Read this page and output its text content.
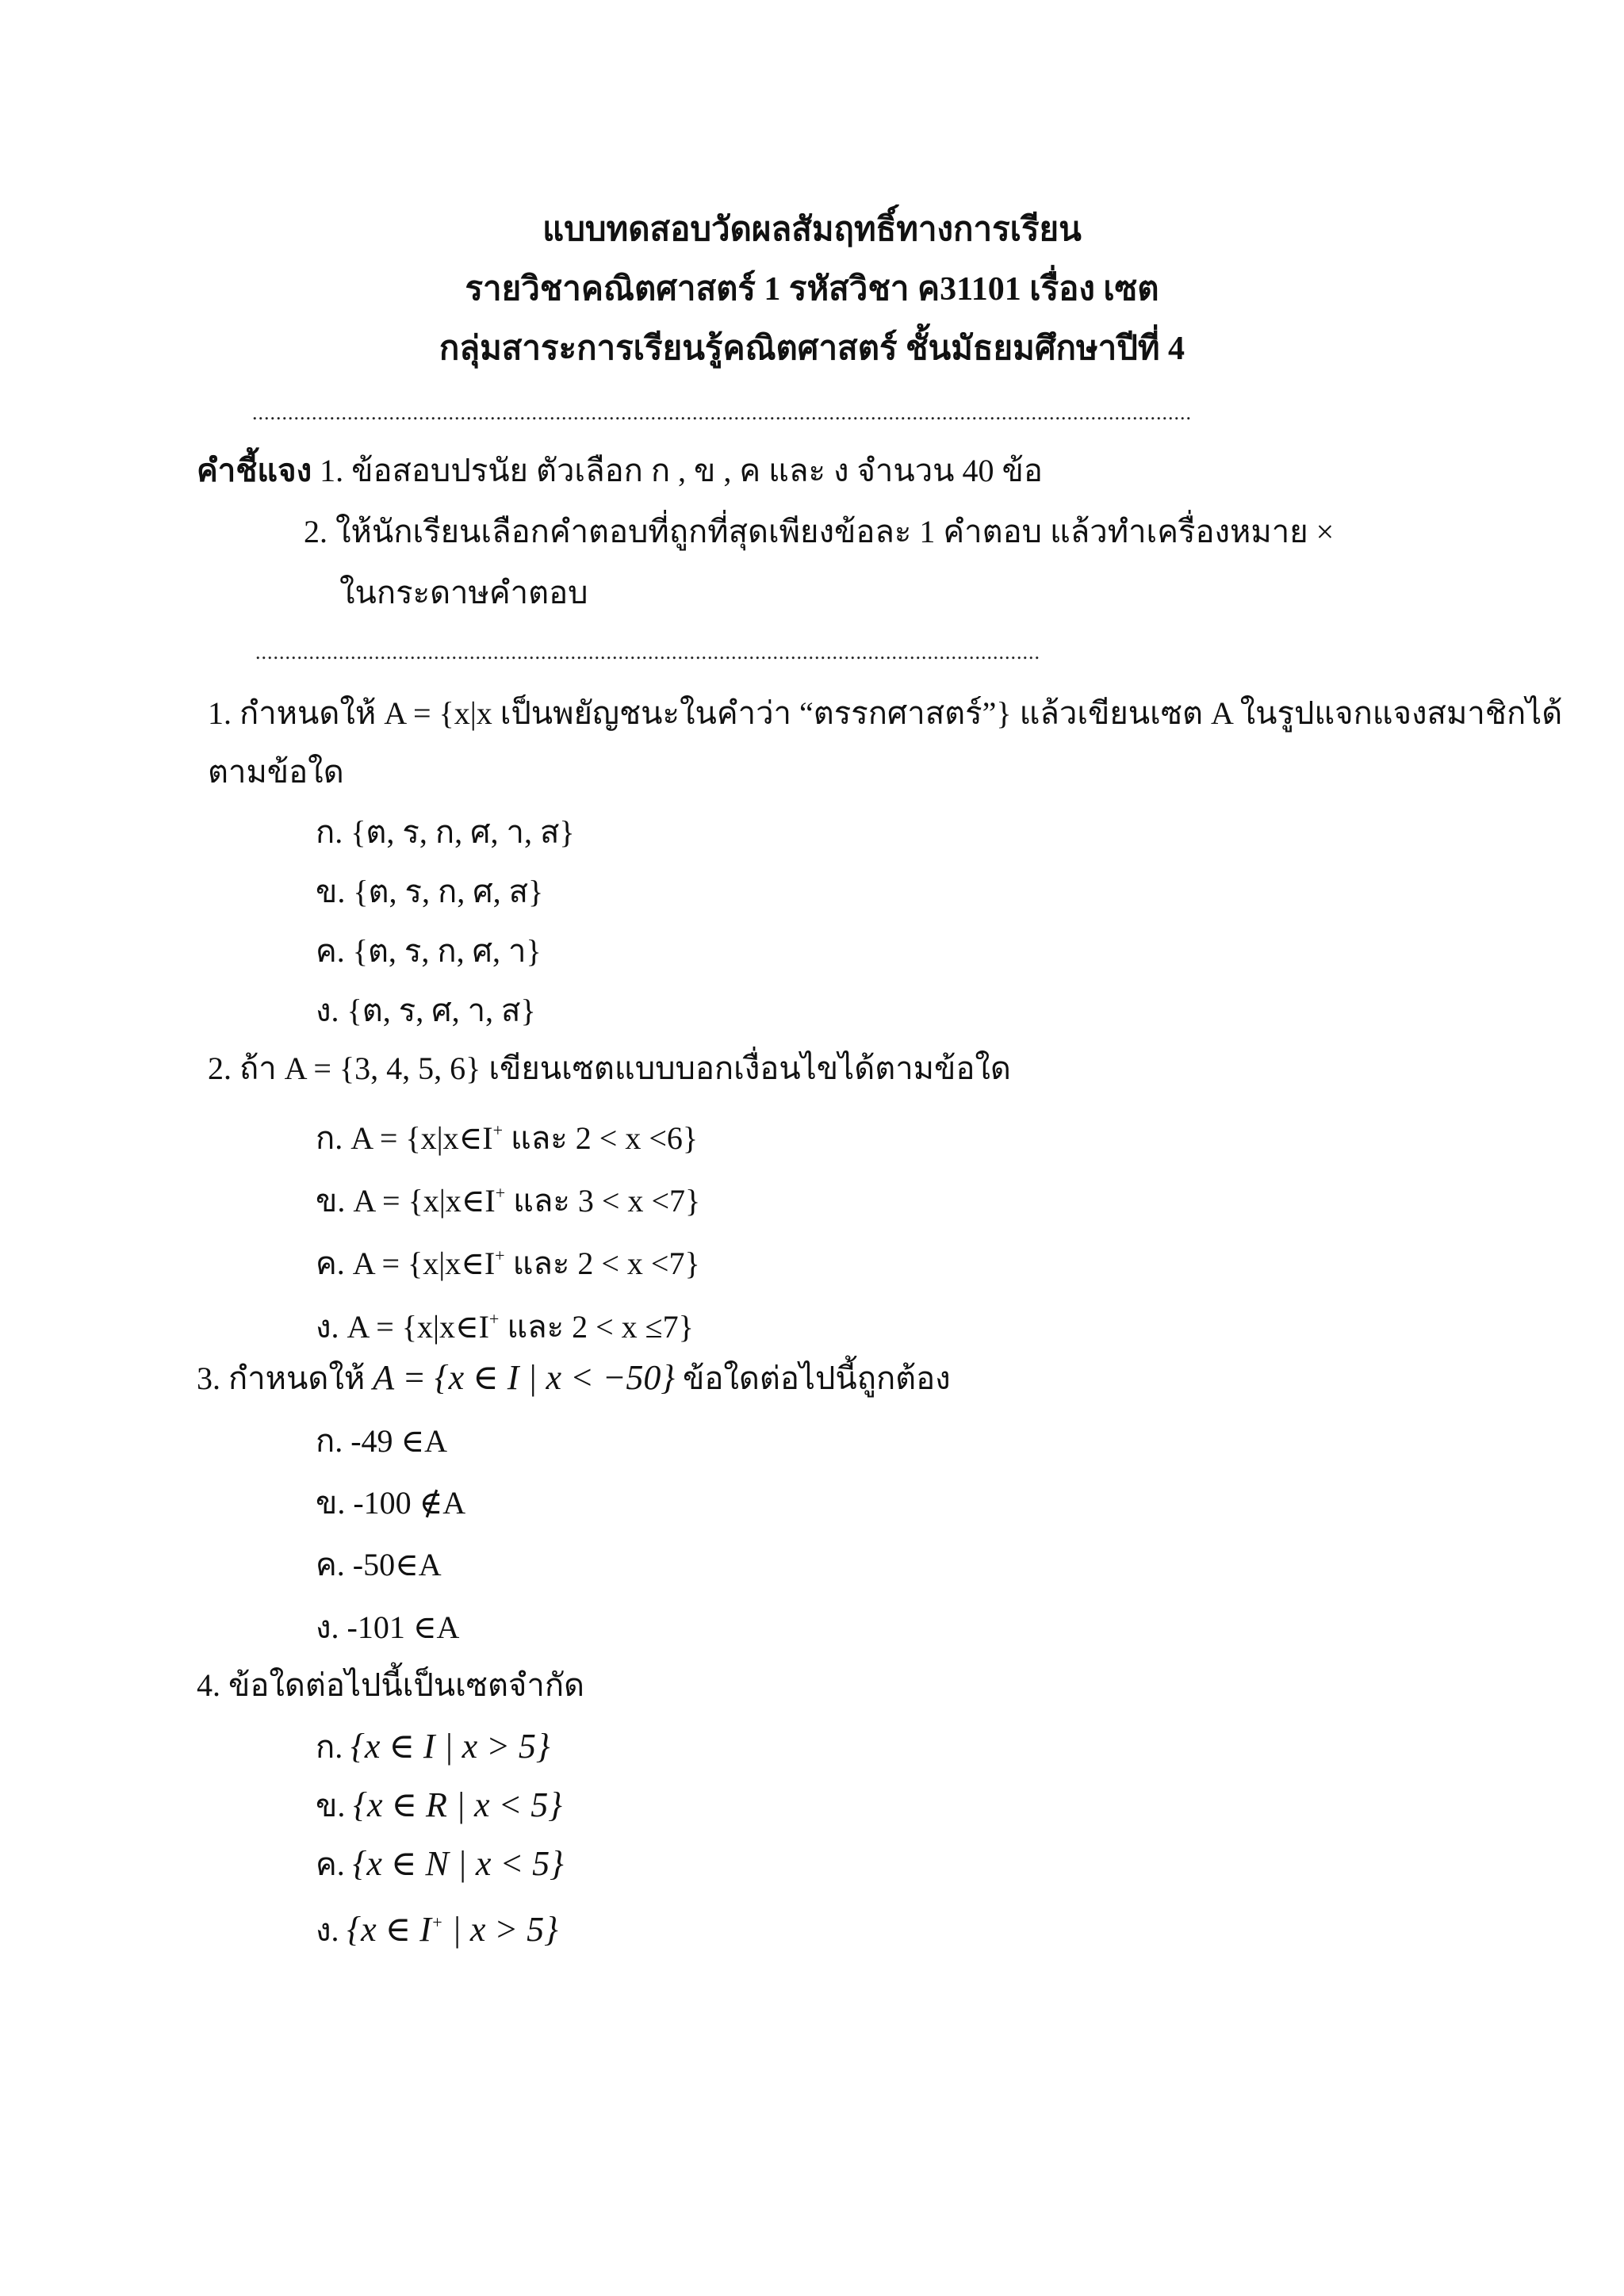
แบบทดสอบวัดผลสัมฤทธิ์ทางการเรียน
รายวิชาคณิตศาสตร์ 1 รหัสวิชา ค31101 เรื่อง เซต
กลุ่มสาระการเรียนรู้คณิตศาสตร์ ชั้นมัธยมศึกษาปีที่ 4
..............................................................................................................................................................
คำชี้แจง 1. ข้อสอบปรนัย ตัวเลือก ก , ข , ค และ ง จำนวน 40 ข้อ
2. ให้นักเรียนเลือกคำตอบที่ถูกที่สุดเพียงข้อละ 1 คำตอบ แล้วทำเครื่องหมาย ×
ในกระดาษคำตอบ
....................................................................................................................................
1. กำหนดให้ A = {x|x เป็นพยัญชนะในคำว่า “ตรรกศาสตร์”} แล้วเขียนเซต A ในรูปแจกแจงสมาชิกได้
ตามข้อใด
ก. {ต, ร, ก, ศ, า, ส}
ข. {ต, ร, ก, ศ, ส}
ค. {ต, ร, ก, ศ, า}
ง. {ต, ร, ศ, า, ส}
2. ถ้า A = {3, 4, 5, 6} เขียนเซตแบบบอกเงื่อนไขได้ตามข้อใด
ก. A = {x|x∈I+ และ 2 < x <6}
ข. A = {x|x∈I+ และ 3 < x <7}
ค. A = {x|x∈I+ และ 2 < x <7}
ง. A = {x|x∈I+ และ 2 < x ≤7}
3. กำหนดให้ A = {x ∈ I | x < −50} ข้อใดต่อไปนี้ถูกต้อง
ก. -49 ∈A
ข. -100 ∉A
ค. -50∈A
ง. -101 ∈A
4. ข้อใดต่อไปนี้เป็นเซตจำกัด
ก. {x ∈ I | x > 5}
ข. {x ∈ R | x < 5}
ค. {x ∈ N | x < 5}
ง. {x ∈ I+ | x > 5}
